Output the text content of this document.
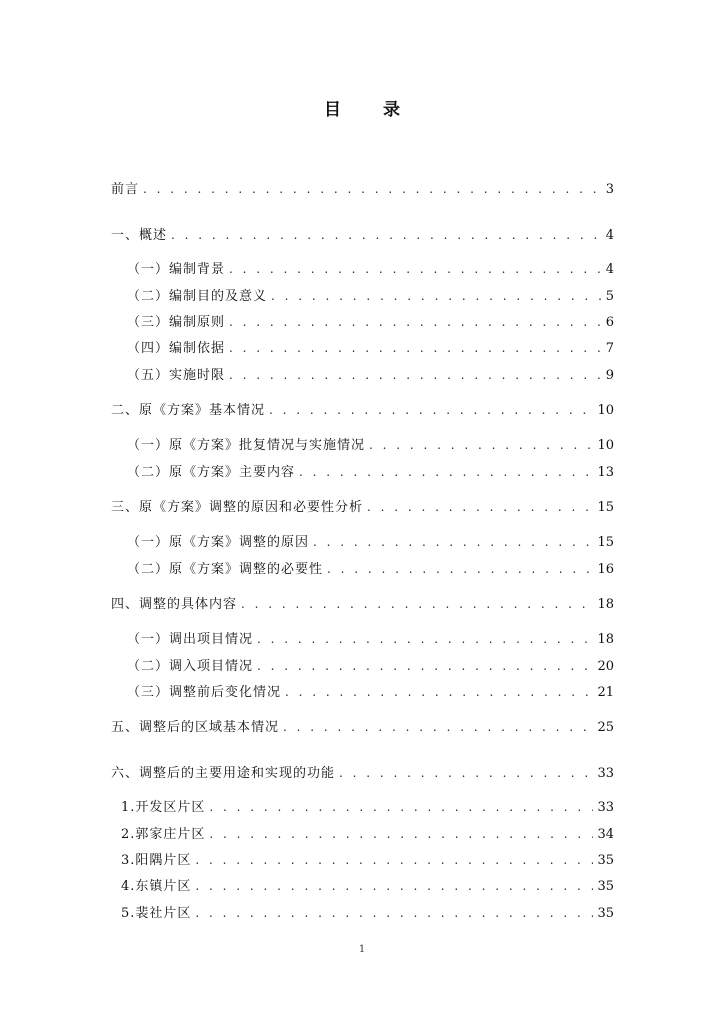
目 录
前言 . . .	3
一、概述 . . .	4
（一）编制背景 . . .	4
（二）编制目的及意义 . . .	5
（三）编制原则 . . .	6
（四）编制依据 . . .	7
（五）实施时限 . . .	9
二、原《方案》基本情况 . . .	10
（一）原《方案》批复情况与实施情况 . . .	10
（二）原《方案》主要内容 . . .	13
三、原《方案》调整的原因和必要性分析 . . .	15
（一）原《方案》调整的原因 . . .	15
（二）原《方案》调整的必要性 . . .	16
四、调整的具体内容 . . .	18
（一）调出项目情况 . . .	18
（二）调入项目情况 . . .	20
（三）调整前后变化情况 . . .	21
五、调整后的区域基本情况 . . .	25
六、调整后的主要用途和实现的功能 . . .	33
1.开发区片区 . . .	33
2.郭家庄片区 . . .	34
3.阳隅片区 . . .	35
4.东镇片区 . . .	35
5.裴社片区 . . .	35
1
